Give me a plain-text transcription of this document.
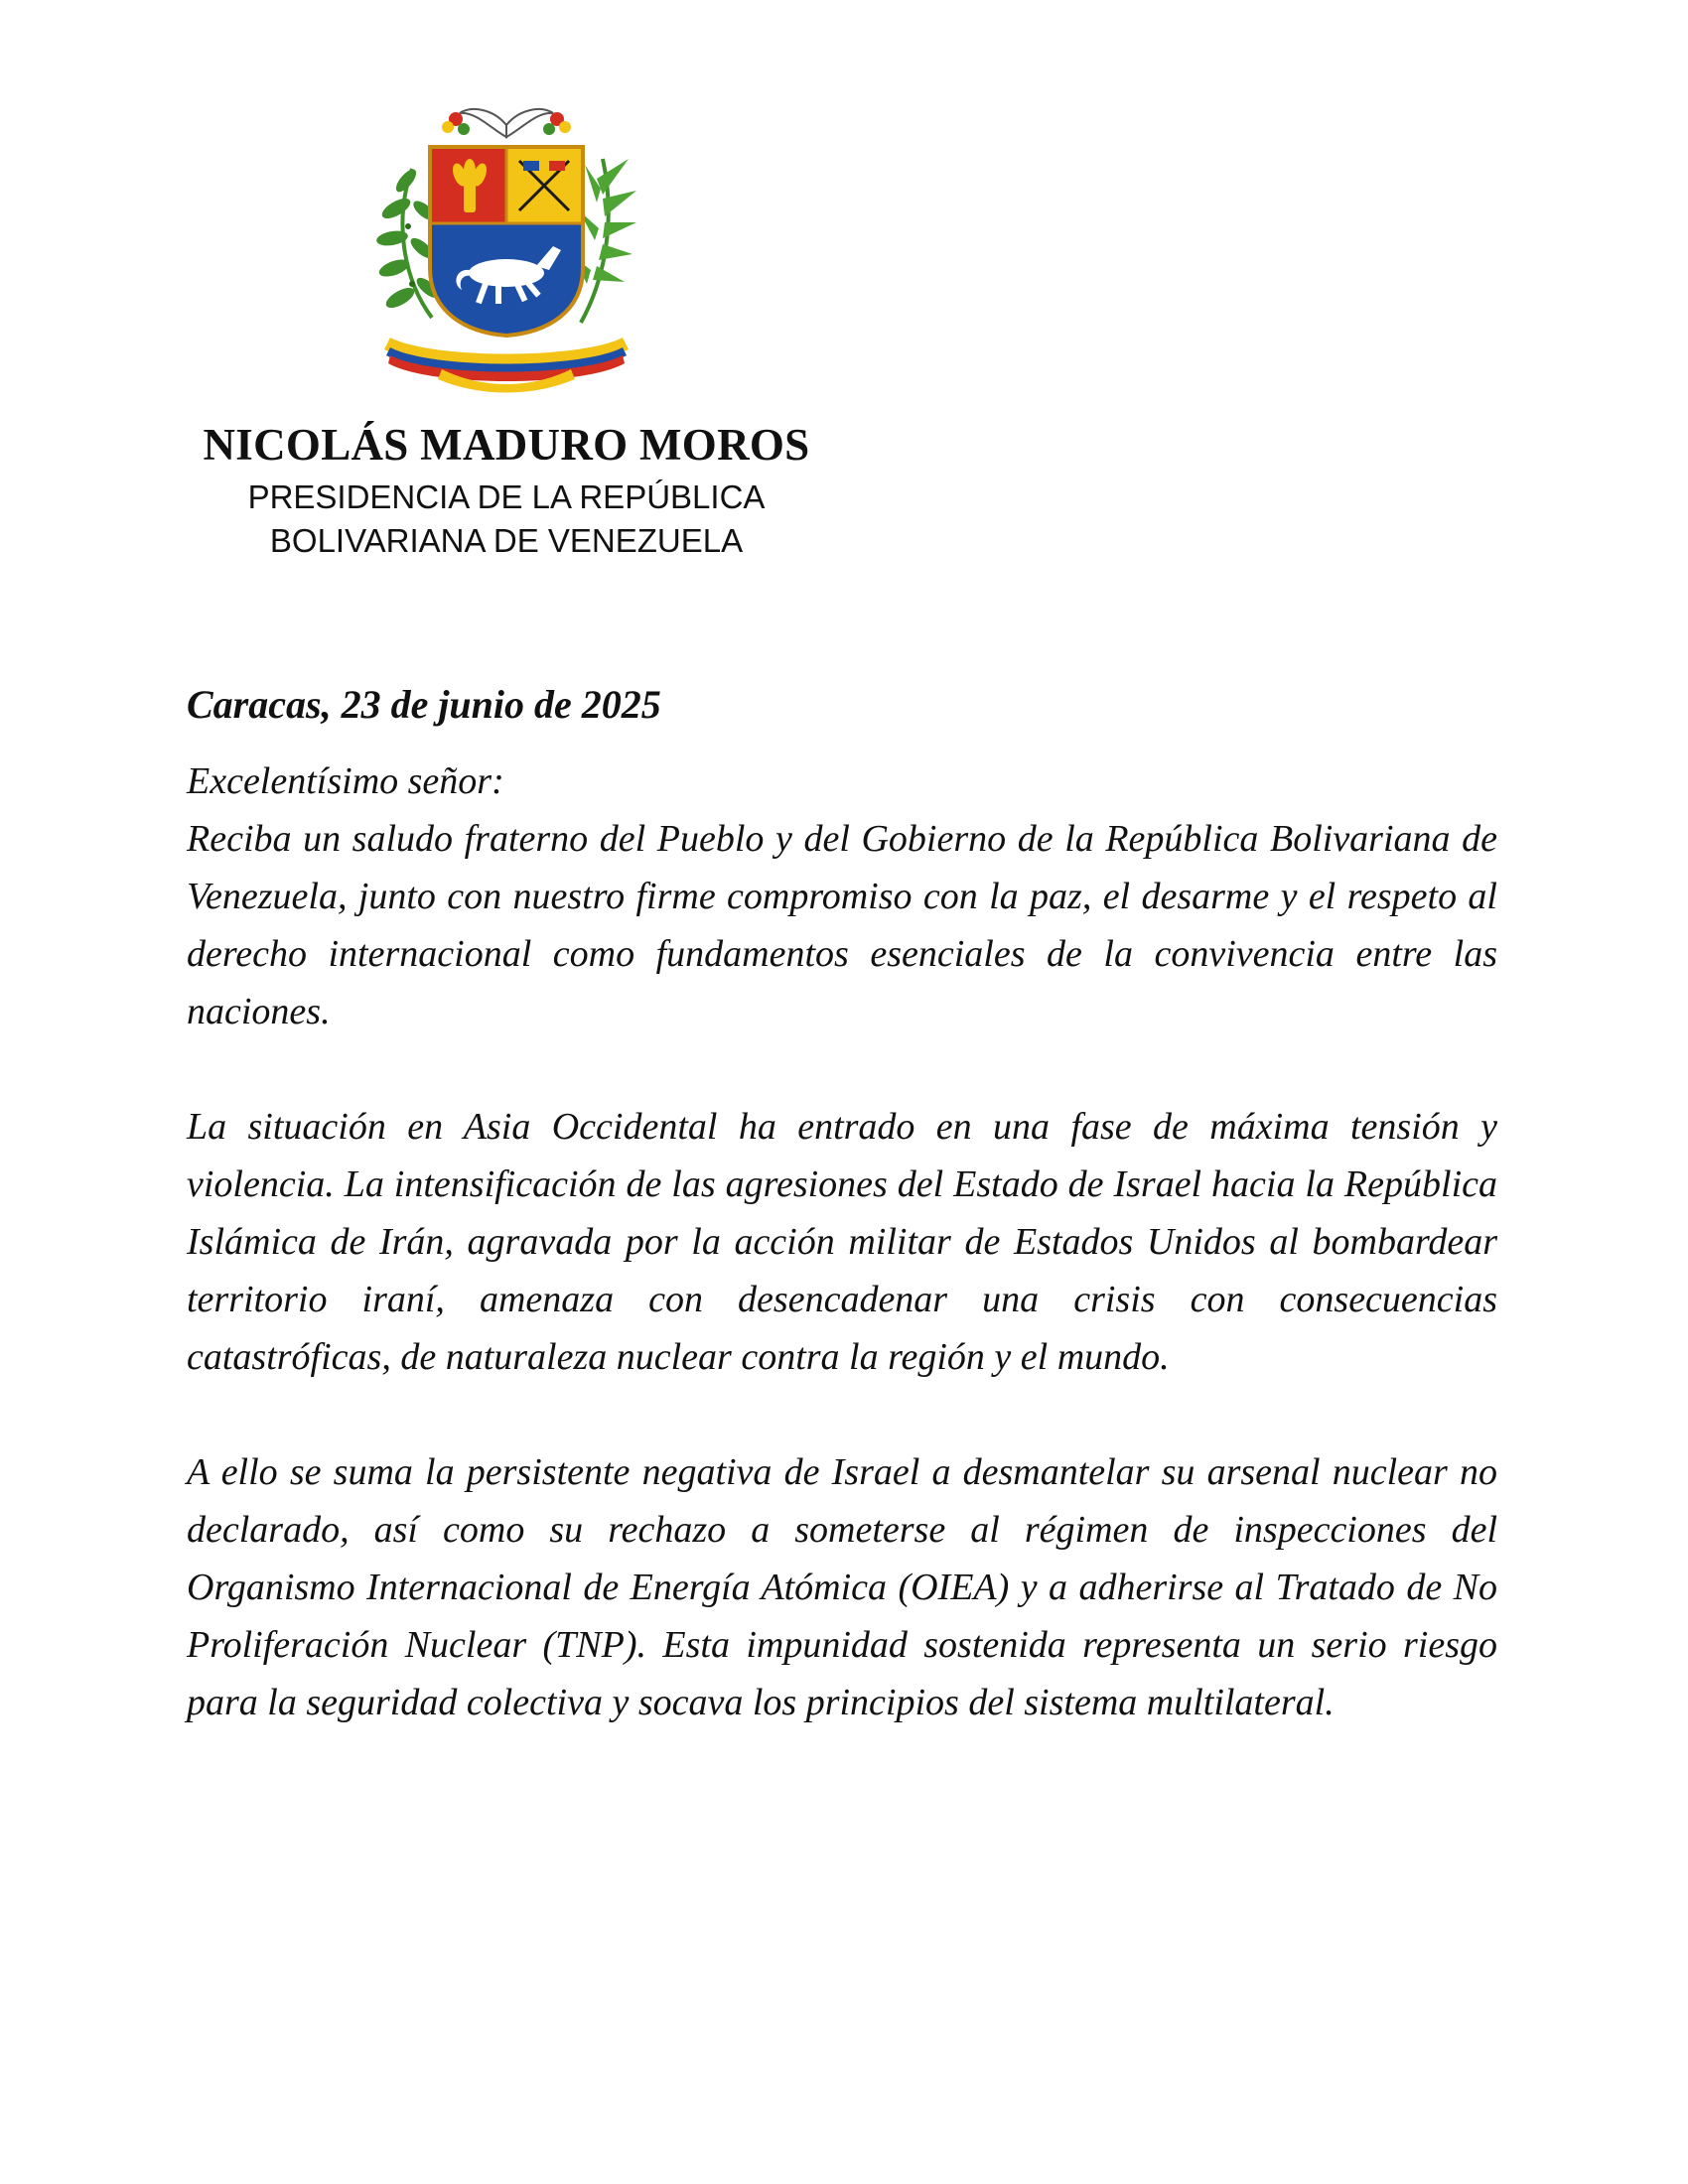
NICOLÁS MADURO MOROS
PRESIDENCIA DE LA REPÚBLICA
BOLIVARIANA DE VENEZUELA

Caracas, 23 de junio de 2025

Excelentísimo señor:

Reciba un saludo fraterno del Pueblo y del Gobierno de la República Bolivariana de Venezuela, junto con nuestro firme compromiso con la paz, el desarme y el respeto al derecho internacional como fundamentos esenciales de la convivencia entre las naciones.

La situación en Asia Occidental ha entrado en una fase de máxima tensión y violencia. La intensificación de las agresiones del Estado de Israel hacia la República Islámica de Irán, agravada por la acción militar de Estados Unidos al bombardear territorio iraní, amenaza con desencadenar una crisis con consecuencias catastróficas, de naturaleza nuclear contra la región y el mundo.

A ello se suma la persistente negativa de Israel a desmantelar su arsenal nuclear no declarado, así como su rechazo a someterse al régimen de inspecciones del Organismo Internacional de Energía Atómica (OIEA) y a adherirse al Tratado de No Proliferación Nuclear (TNP). Esta impunidad sostenida representa un serio riesgo para la seguridad colectiva y socava los principios del sistema multilateral.
